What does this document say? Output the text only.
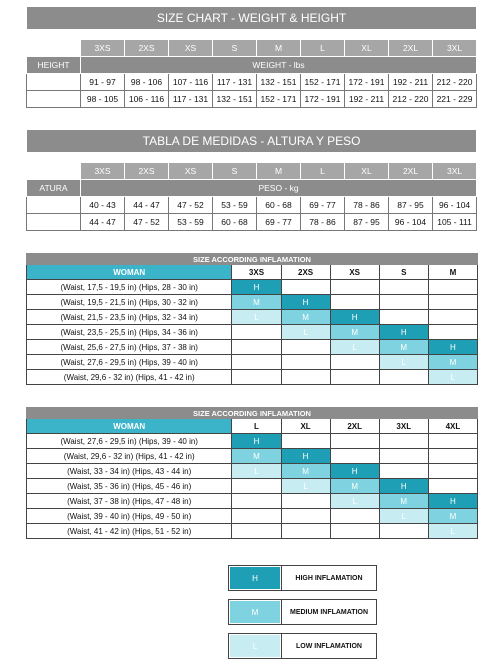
SIZE CHART - WEIGHT & HEIGHT									

	3XS	2XS	XS	S	M	L	XL	2XL	3XL
HEIGHT	WEIGHT - lbs								
5'3" a 5'6"	91 - 97	98 - 106	107 - 116	117 - 131	132 - 151	152 - 171	172 - 191	192 - 211	212 - 220
5'7" a 6'	98 - 105	106 - 116	117 - 131	132 - 151	152 - 171	172 - 191	192 - 211	212 - 220	221 - 229
TABLA DE MEDIDAS - ALTURA Y PESO									

	3XS	2XS	XS	S	M	L	XL	2XL	3XL
ATURA	PESO - kg								
1,50 a 1,69	40 - 43	44 - 47	47 - 52	53 - 59	60 - 68	69 - 77	78 - 86	87 - 95	96 - 104
1,70 a 1,83	44 - 47	47 - 52	53 - 59	60 - 68	69 - 77	78 - 86	87 - 95	96 - 104	105 - 111
SIZE ACCORDING INFLAMATION					
WOMAN	3XS	2XS	XS	S	M
(Waist, 17,5 - 19,5 in) (Hips, 28 - 30 in)	H				
(Waist, 19,5 - 21,5 in) (Hips, 30 - 32 in)	M	H			
(Waist, 21,5 - 23,5 in) (Hips, 32 - 34 in)	L	M	H		
(Waist, 23,5 - 25,5 in) (Hips, 34 - 36 in)		L	M	H	
(Waist, 25,6 - 27,5 in) (Hips, 37 - 38 in)			L	M	H
(Waist, 27,6 - 29,5 in) (Hips, 39 - 40 in)				L	M
(Waist, 29,6 - 32 in) (Hips, 41 - 42 in)					L
SIZE ACCORDING INFLAMATION					
WOMAN	L	XL	2XL	3XL	4XL
(Waist, 27,6 - 29,5 in) (Hips, 39 - 40 in)	H				
(Waist, 29,6 - 32 in) (Hips, 41 - 42 in)	M	H			
(Waist, 33 - 34 in) (Hips, 43 - 44 in)	L	M	H		
(Waist, 35 - 36 in) (Hips, 45 - 46 in)		L	M	H	
(Waist, 37 - 38 in) (Hips, 47 - 48 in)			L	M	H
(Waist, 39 - 40 in) (Hips, 49 - 50 in)				L	M
(Waist, 41 - 42 in) (Hips, 51 - 52 in)					L
H	HIGH INFLAMATION
M	MEDIUM INFLAMATION
L	LOW INFLAMATION
